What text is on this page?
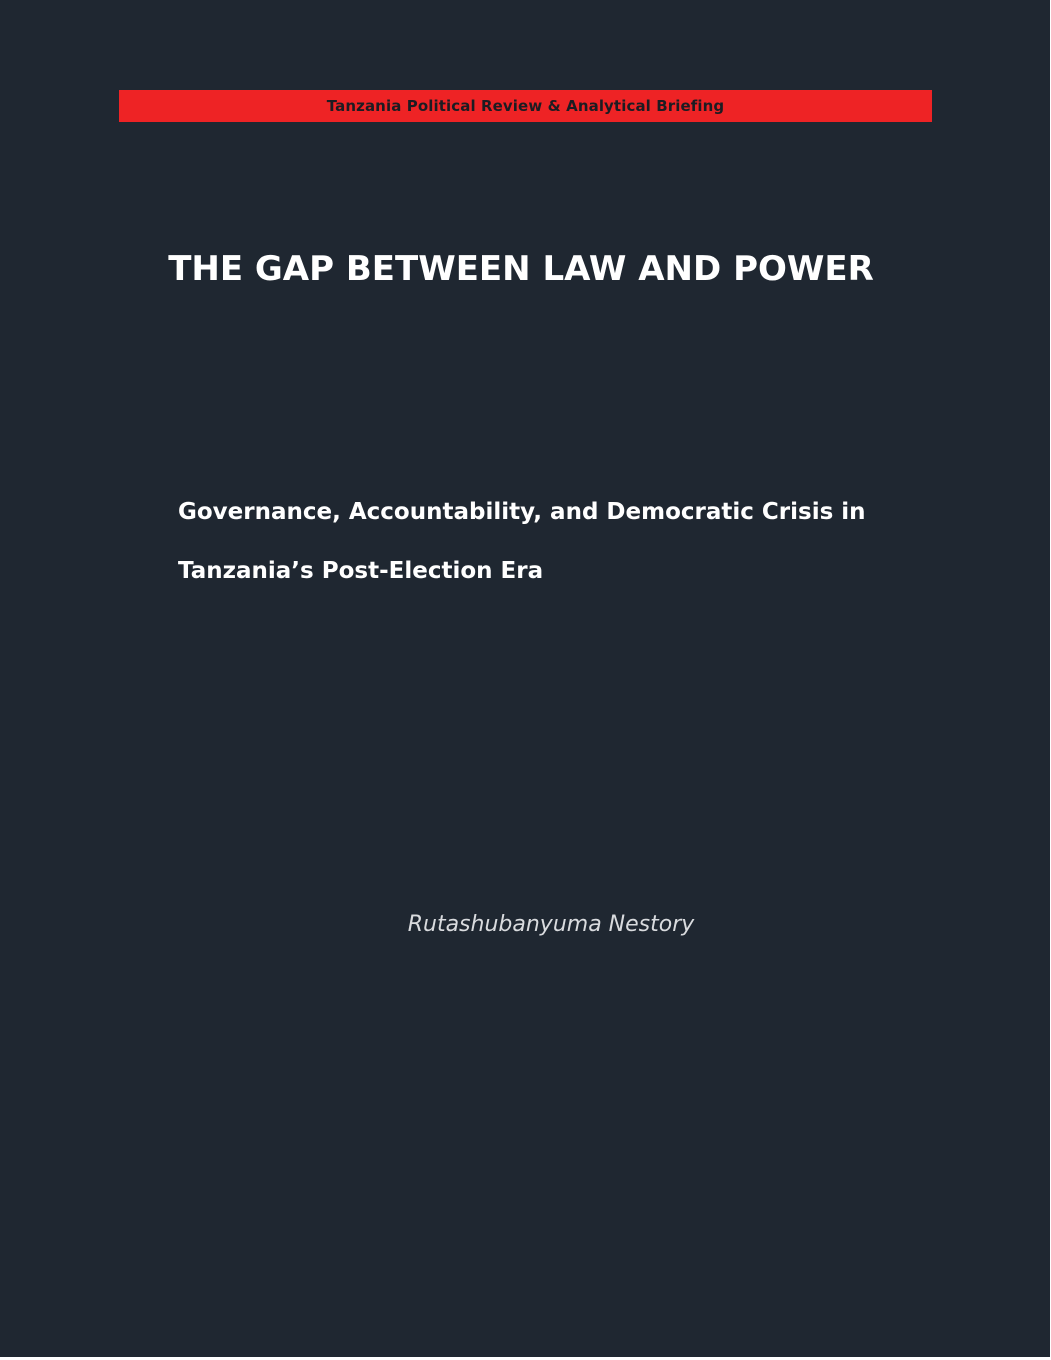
Tanzania Political Review & Analytical Briefing
THE GAP BETWEEN LAW AND POWER
Governance, Accountability, and Democratic Crisis in
Tanzania’s Post-Election Era
Rutashubanyuma Nestory
